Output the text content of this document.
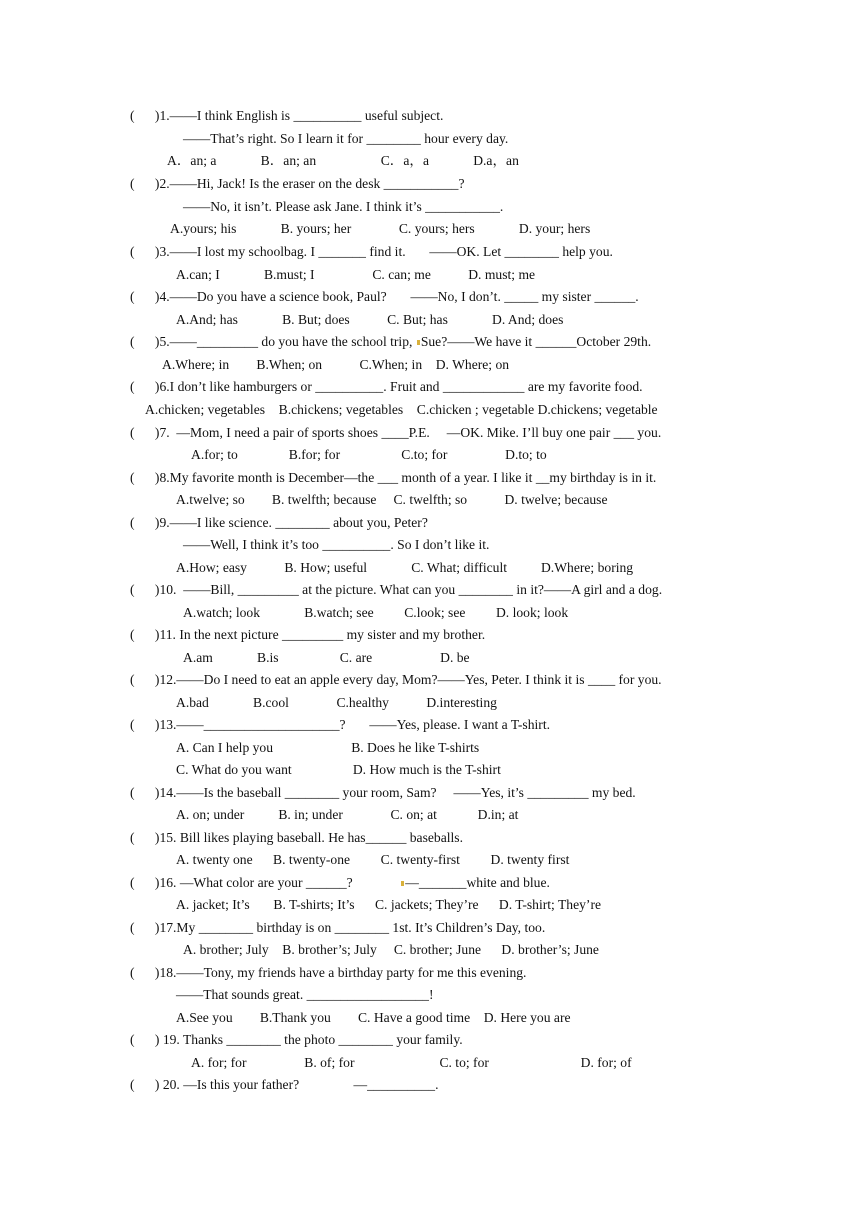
(      )1.——I think English is __________ useful subject.
——That’s right. So I learn it for ________ hour every day.
A．an; a             B．an; an                   C．a，a             D.a，an
(      )2.——Hi, Jack! Is the eraser on the desk ___________?
——No, it isn’t. Please ask Jane. I think it’s ___________.
A.yours; his             B. yours; her              C. yours; hers             D. your; hers
(      )3.——I lost my schoolbag. I _______ find it.       ——OK. Let ________ help you.
A.can; I             B.must; I                 C. can; me           D. must; me
(      )4.——Do you have a science book, Paul?       ——No, I don’t. _____ my sister ______.
A.And; has             B. But; does           C. But; has             D. And; does
(      )5.——_________ do you have the school trip, Sue?——We have it ______October 29th.
A.Where; in        B.When; on           C.When; in    D. Where; on
(      )6.I don’t like hamburgers or __________. Fruit and ____________ are my favorite food.
A.chicken; vegetables    B.chickens; vegetables    C.chicken ; vegetable D.chickens; vegetable
(      )7.  —Mom, I need a pair of sports shoes ____P.E.     —OK. Mike. I’ll buy one pair ___ you.
A.for; to               B.for; for                  C.to; for                 D.to; to
(      )8.My favorite month is December—the ___ month of a year. I like it __my birthday is in it.
A.twelve; so        B. twelfth; because     C. twelfth; so           D. twelve; because
(      )9.——I like science. ________ about you, Peter?
——Well, I think it’s too __________. So I don’t like it.
A.How; easy           B. How; useful             C. What; difficult          D.Where; boring
(      )10.  ——Bill, _________ at the picture. What can you ________ in it?——A girl and a dog.
A.watch; look             B.watch; see         C.look; see         D. look; look
(      )11. In the next picture _________ my sister and my brother.
A.am             B.is                  C. are                    D. be
(      )12.——Do I need to eat an apple every day, Mom?——Yes, Peter. I think it is ____ for you.
A.bad             B.cool              C.healthy           D.interesting
(      )13.——____________________?       ——Yes, please. I want a T-shirt.
A. Can I help you                       B. Does he like T-shirts
C. What do you want                  D. How much is the T-shirt
(      )14.——Is the baseball ________ your room, Sam?     ——Yes, it’s _________ my bed.
A. on; under          B. in; under              C. on; at            D.in; at
(      )15. Bill likes playing baseball. He has______ baseballs.
A. twenty one      B. twenty-one         C. twenty-first         D. twenty first
(      )16. —What color are your ______?              —_______white and blue.
A. jacket; It’s       B. T-shirts; It’s      C. jackets; They’re      D. T-shirt; They’re
(      )17.My ________ birthday is on ________ 1st. It’s Children’s Day, too.
A. brother; July    B. brother’s; July     C. brother; June      D. brother’s; June
(      )18.——Tony, my friends have a birthday party for me this evening.
——That sounds great. __________________!
A.See you        B.Thank you        C. Have a good time    D. Here you are
(      ) 19. Thanks ________ the photo ________ your family.
A. for; for                 B. of; for                         C. to; for                           D. for; of
(      ) 20. —Is this your father?                —__________.
